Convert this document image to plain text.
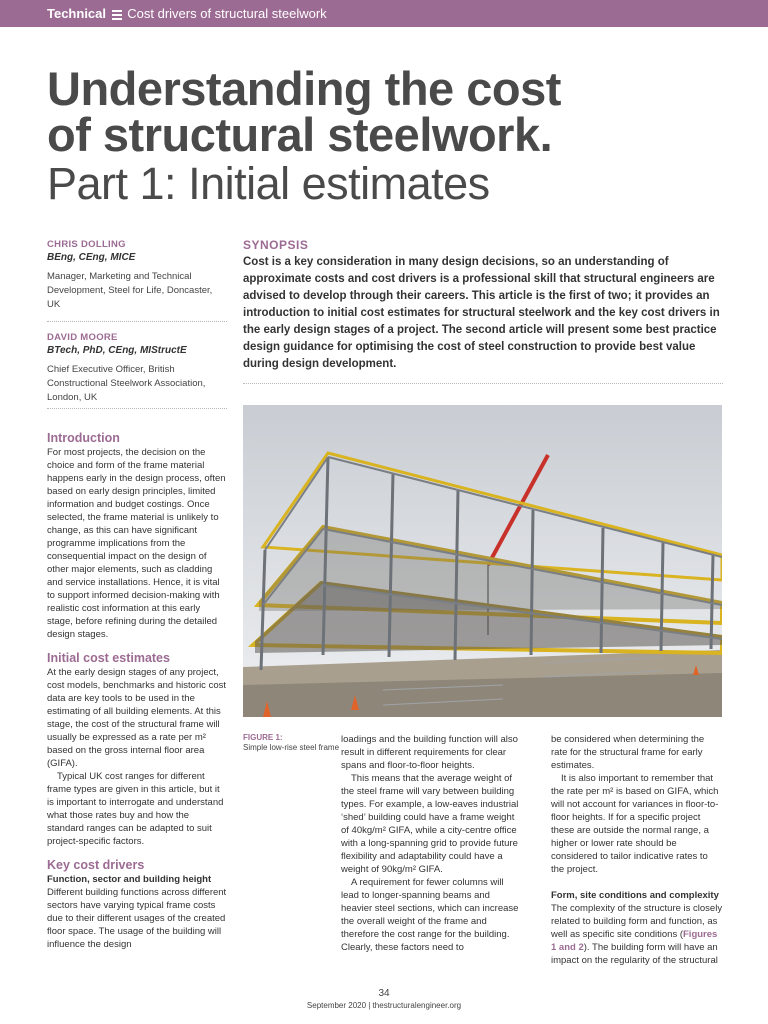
Technical Cost drivers of structural steelwork
Understanding the cost
of structural steelwork.
Part 1: Initial estimates
CHRIS DOLLING
BEng, CEng, MICE
Manager, Marketing and Technical Development, Steel for Life, Doncaster, UK
DAVID MOORE
BTech, PhD, CEng, MIStructE
Chief Executive Officer, British Constructional Steelwork Association, London, UK
SYNOPSIS

Cost is a key consideration in many design decisions, so an understanding of approximate costs and cost drivers is a professional skill that structural engineers are advised to develop through their careers. This article is the first of two; it provides an introduction to initial cost estimates for structural steelwork and the key cost drivers in the early design stages of a project. The second article will present some best practice design guidance for optimising the cost of steel construction to provide best value during design development.

Introduction

For most projects, the decision on the choice and form of the frame material happens early in the design process, often based on early design principles, limited information and budget costings. Once selected, the frame material is unlikely to change, as this can have significant programme implications from the consequential impact on the design of other major elements, such as cladding and service installations. Hence, it is vital to support informed decision-making with realistic cost information at this early stage, before refining during the detailed design stages.

Initial cost estimates

At the early design stages of any project, cost models, benchmarks and historic cost data are key tools to be used in the estimating of all building elements. At this stage, the cost of the structural frame will usually be expressed as a rate per m² based on the gross internal floor area (GIFA).

Typical UK cost ranges for different frame types are given in this article, but it is important to interrogate and understand what those rates buy and how the standard ranges can be adapted to suit project-specific factors.

Key cost drivers
Function, sector and building height

Different building functions across different sectors have varying typical frame costs due to their different usages of the created floor space. The usage of the building will influence the design

FIGURE 1:
Simple low-rise steel frame

loadings and the building function will also result in different requirements for clear spans and floor-to-floor heights.

This means that the average weight of the steel frame will vary between building types. For example, a low-eaves industrial ‘shed’ building could have a frame weight of 40kg/m² GIFA, while a city-centre office with a long-spanning grid to provide future flexibility and adaptability could have a weight of 90kg/m² GIFA.

A requirement for fewer columns will lead to longer-spanning beams and heavier steel sections, which can increase the overall weight of the frame and therefore the cost range for the building. Clearly, these factors need to

be considered when determining the rate for the structural frame for early estimates.

It is also important to remember that the rate per m² is based on GIFA, which will not account for variances in floor-to-floor heights. If for a specific project these are outside the normal range, a higher or lower rate should be considered to tailor indicative rates to the project.

Form, site conditions and complexity

The complexity of the structure is closely related to building form and function, as well as specific site conditions (Figures 1 and 2). The building form will have an impact on the regularity of the structural

34
September 2020 | thestructuralengineer.org
